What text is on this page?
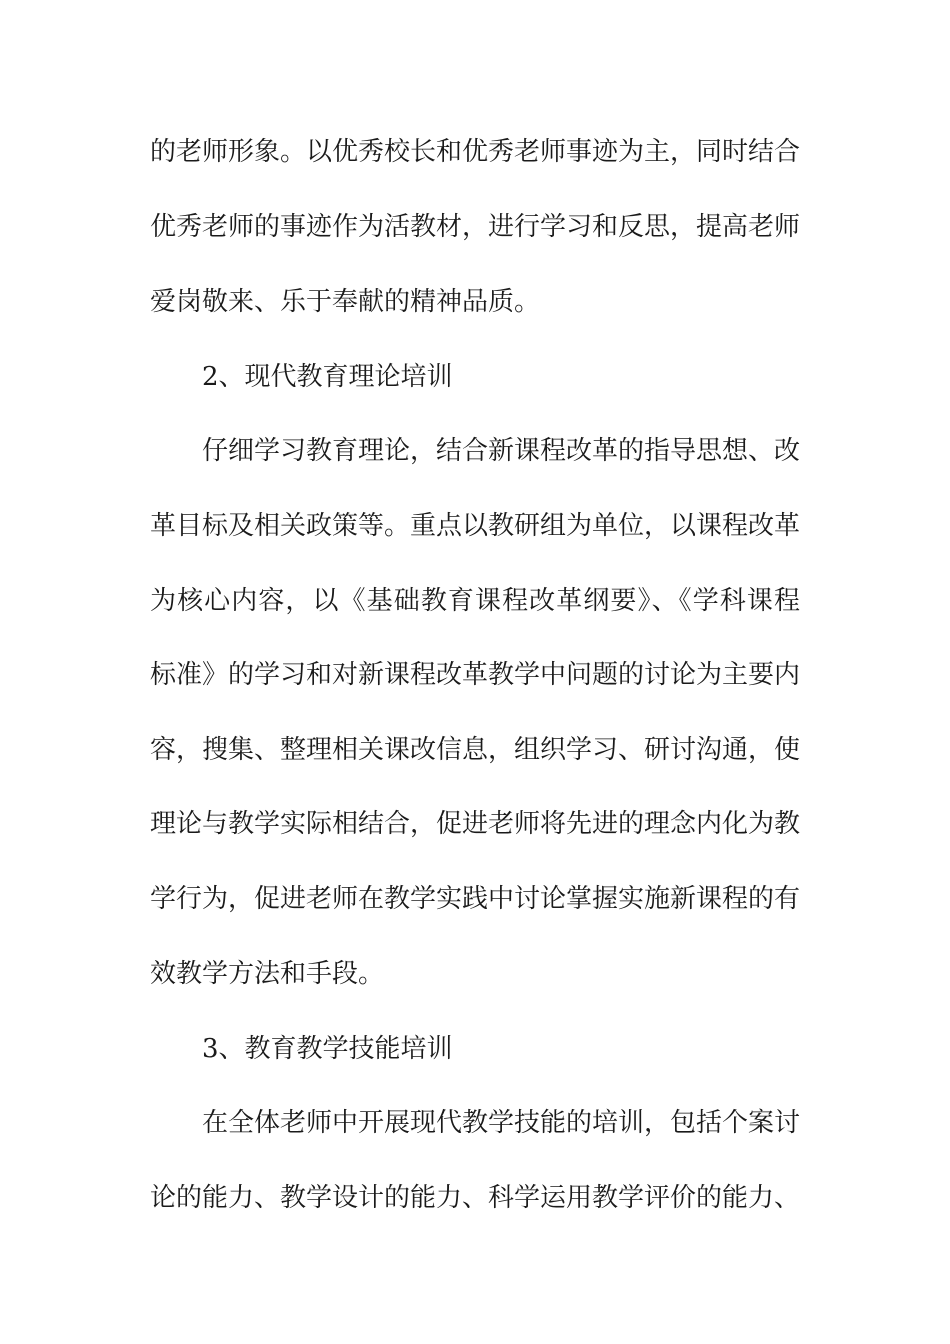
的老师形象。以优秀校长和优秀老师事迹为主，同时结合
优秀老师的事迹作为活教材，进行学习和反思，提高老师
爱岗敬来、乐于奉献的精神品质。
2、现代教育理论培训
仔细学习教育理论，结合新课程改革的指导思想、改
革目标及相关政策等。重点以教研组为单位，以课程改革
为核心内容，以《基础教育课程改革纲要》、《学科课程
标准》的学习和对新课程改革教学中问题的讨论为主要内
容，搜集、整理相关课改信息，组织学习、研讨沟通，使
理论与教学实际相结合，促进老师将先进的理念内化为教
学行为，促进老师在教学实践中讨论掌握实施新课程的有
效教学方法和手段。
3、教育教学技能培训
在全体老师中开展现代教学技能的培训，包括个案讨
论的能力、教学设计的能力、科学运用教学评价的能力、
